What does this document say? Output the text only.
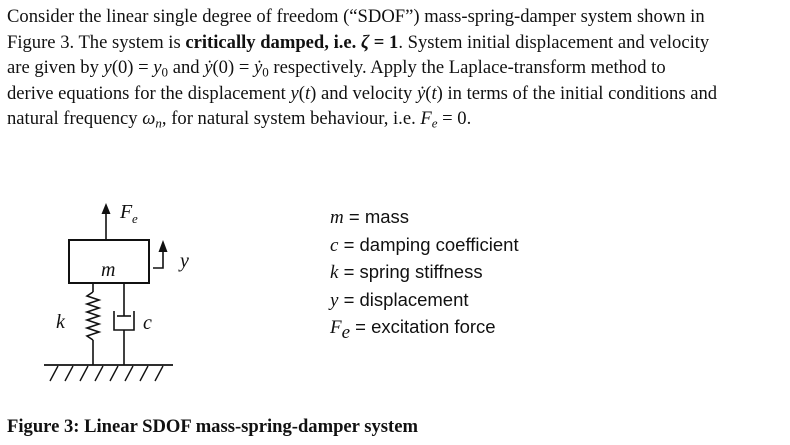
Consider the linear single degree of freedom (“SDOF”) mass-spring-damper system shown in
Figure 3. The system is critically damped, i.e. ζ = 1. System initial displacement and velocity
are given by $y(0) = y_0$ and ẏ(0) = ẏ$_0$ respectively. Apply the Laplace-transform method to
derive equations for the displacement y(t) and velocity ẏ(t) in terms of the initial conditions and
natural frequency $\omega_n$, for natural system behaviour, i.e. $F_e = 0$.
F e
m	y
k	c
m = mass
c = damping coefficient
k = spring stiffness
y = displacement
$F_e$ = excitation force
Figure 3: Linear SDOF mass-spring-damper system
